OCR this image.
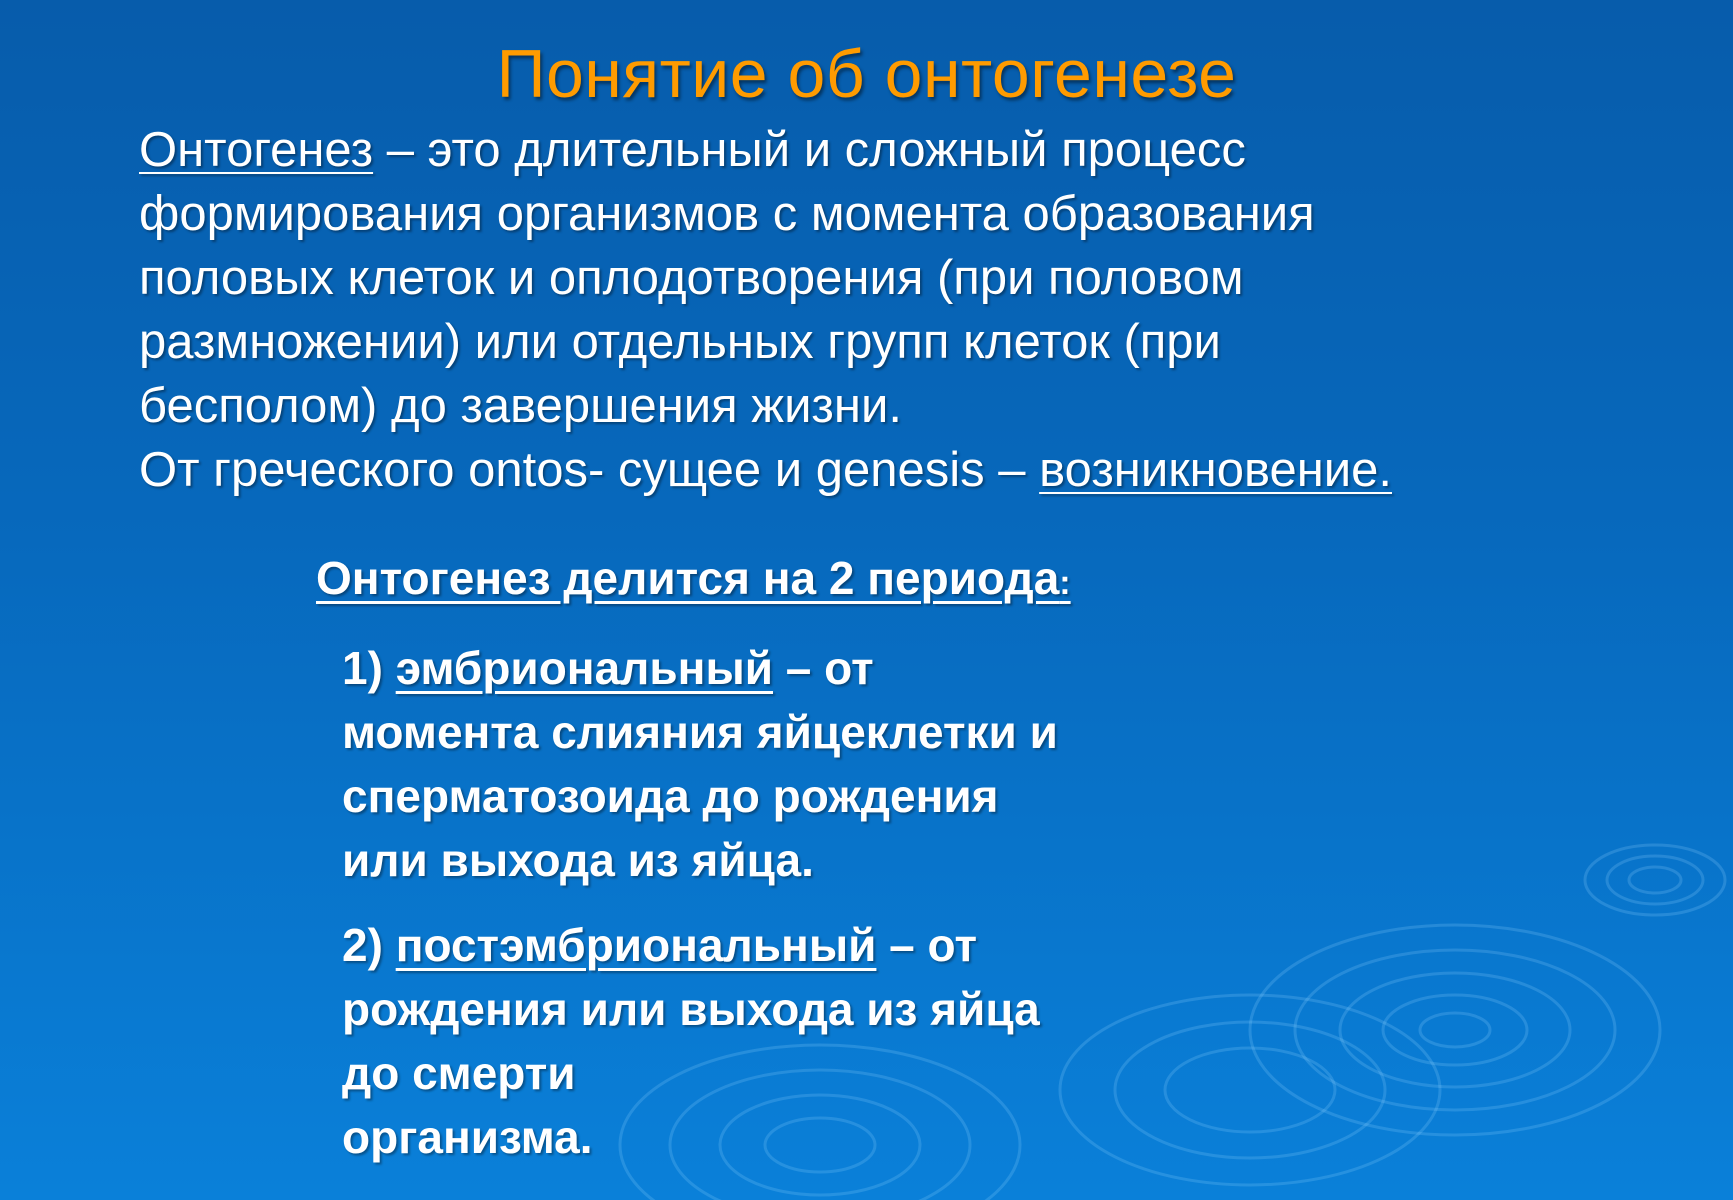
Понятие об онтогенезе

Онтогенез – это длительный и сложный процесс

формирования организмов с момента образования

половых клеток и оплодотворения (при половом

размножении) или отдельных групп клеток (при

бесполом) до завершения жизни.

От греческого ontos- сущее и genesis – возникновение.

Онтогенез делится на 2 периода:
1) эмбриональный – от
момента слияния яйцеклетки и
сперматозоида до рождения
или выхода из яйца.
2) постэмбриональный – от
рождения или выхода из яйца
до смерти
организма.
